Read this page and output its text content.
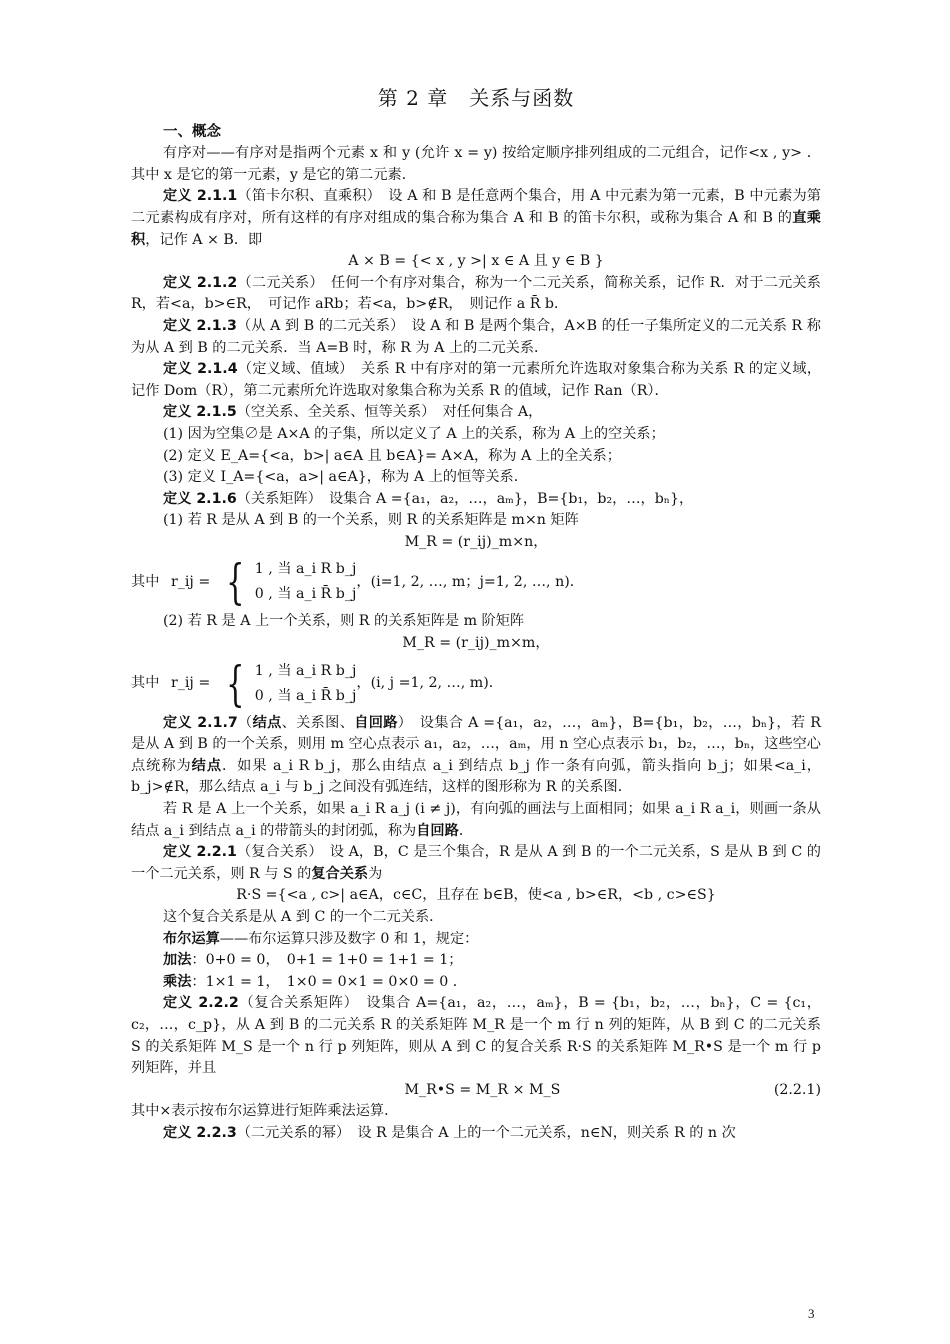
第 2 章　关系与函数
一、概念

有序对——有序对是指两个元素 x 和 y (允许 x = y) 按给定顺序排列组成的二元组合，记作<x , y> ．其中 x 是它的第一元素，y 是它的第二元素．

定义 2.1.1（笛卡尔积、直乘积）　设 A 和 B 是任意两个集合，用 A 中元素为第一元素，B 中元素为第二元素构成有序对，所有这样的有序对组成的集合称为集合 A 和 B 的笛卡尔积，或称为集合 A 和 B 的直乘积，记作 A × B．即

A × B = {< x , y >| x ∈ A 且 y ∈ B }

定义 2.1.2（二元关系）　任何一个有序对集合，称为一个二元关系，简称关系，记作 R．对于二元关系 R，若<a，b>∈R，　可记作 aRb；若<a，b>∉R，　则记作 a R̄ b．

定义 2.1.3（从 A 到 B 的二元关系）　设 A 和 B 是两个集合，A×B 的任一子集所定义的二元关系 R 称为从 A 到 B 的二元关系．当 A=B 时，称 R 为 A 上的二元关系．

定义 2.1.4（定义域、值域）　关系 R 中有序对的第一元素所允许选取对象集合称为关系 R 的定义域，记作 Dom（R），第二元素所允许选取对象集合称为关系 R 的值域，记作 Ran（R）．

定义 2.1.5（空关系、全关系、恒等关系）　对任何集合 A，

(1) 因为空集∅是 A×A 的子集，所以定义了 A 上的关系，称为 A 上的空关系；

(2) 定义 E_A={<a，b>| a∈A 且 b∈A}= A×A，称为 A 上的全关系；

(3) 定义 I_A={<a，a>| a∈A}，称为 A 上的恒等关系．

定义 2.1.6（关系矩阵）　设集合 A ={a₁，a₂，…，aₘ}，B={b₁，b₂，…，bₙ}，

(1) 若 R 是从 A 到 B 的一个关系，则 R 的关系矩阵是 m×n 矩阵

M_R = (r_ij)_m×n，

其中 r_ij = { 1 , 当 a_i R b_j
0 , 当 a_i R̄ b_j
，(i=1, 2, …, m；j=1, 2, …, n)．

(2) 若 R 是 A 上一个关系，则 R 的关系矩阵是 m 阶矩阵

M_R = (r_ij)_m×m，

其中 r_ij = { 1 , 当 a_i R b_j
0 , 当 a_i R̄ b_j
，(i, j =1, 2, …, m)．

定义 2.1.7（结点、关系图、自回路）　设集合 A ={a₁，a₂，…，aₘ}，B={b₁，b₂，…，bₙ}，若 R 是从 A 到 B 的一个关系，则用 m 空心点表示 a₁，a₂，…，aₘ，用 n 空心点表示 b₁，b₂，…，bₙ，这些空心点统称为结点．如果 a_i R b_j，那么由结点 a_i 到结点 b_j 作一条有向弧，箭头指向 b_j；如果<a_i，b_j>∉R，那么结点 a_i 与 b_j 之间没有弧连结，这样的图形称为 R 的关系图．

若 R 是 A 上一个关系，如果 a_i R a_j (i ≠ j)，有向弧的画法与上面相同；如果 a_i R a_i，则画一条从结点 a_i 到结点 a_i 的带箭头的封闭弧，称为自回路．

定义 2.2.1（复合关系）　设 A，B，C 是三个集合，R 是从 A 到 B 的一个二元关系，S 是从 B 到 C 的一个二元关系，则 R 与 S 的复合关系为

R·S ={<a , c>| a∈A，c∈C，且存在 b∈B，使<a , b>∈R，<b , c>∈S}

这个复合关系是从 A 到 C 的一个二元关系．

布尔运算——布尔运算只涉及数字 0 和 1，规定：

加法：0+0 = 0，　0+1 = 1+0 = 1+1 = 1；

乘法：1×1 = 1，　1×0 = 0×1 = 0×0 = 0 ．

定义 2.2.2（复合关系矩阵）　设集合 A={a₁，a₂，…，aₘ}，B = {b₁，b₂，…，bₙ}，C = {c₁，c₂，…，c_p}，从 A 到 B 的二元关系 R 的关系矩阵 M_R 是一个 m 行 n 列的矩阵，从 B 到 C 的二元关系 S 的关系矩阵 M_S 是一个 n 行 p 列矩阵，则从 A 到 C 的复合关系 R·S 的关系矩阵 M_R•S 是一个 m 行 p 列矩阵，并且

M_R•S = M_R × M_S	(2.2.1)

其中×表示按布尔运算进行矩阵乘法运算．

定义 2.2.3（二元关系的幂）　设 R 是集合 A 上的一个二元关系，n∈N，则关系 R 的 n 次

3
